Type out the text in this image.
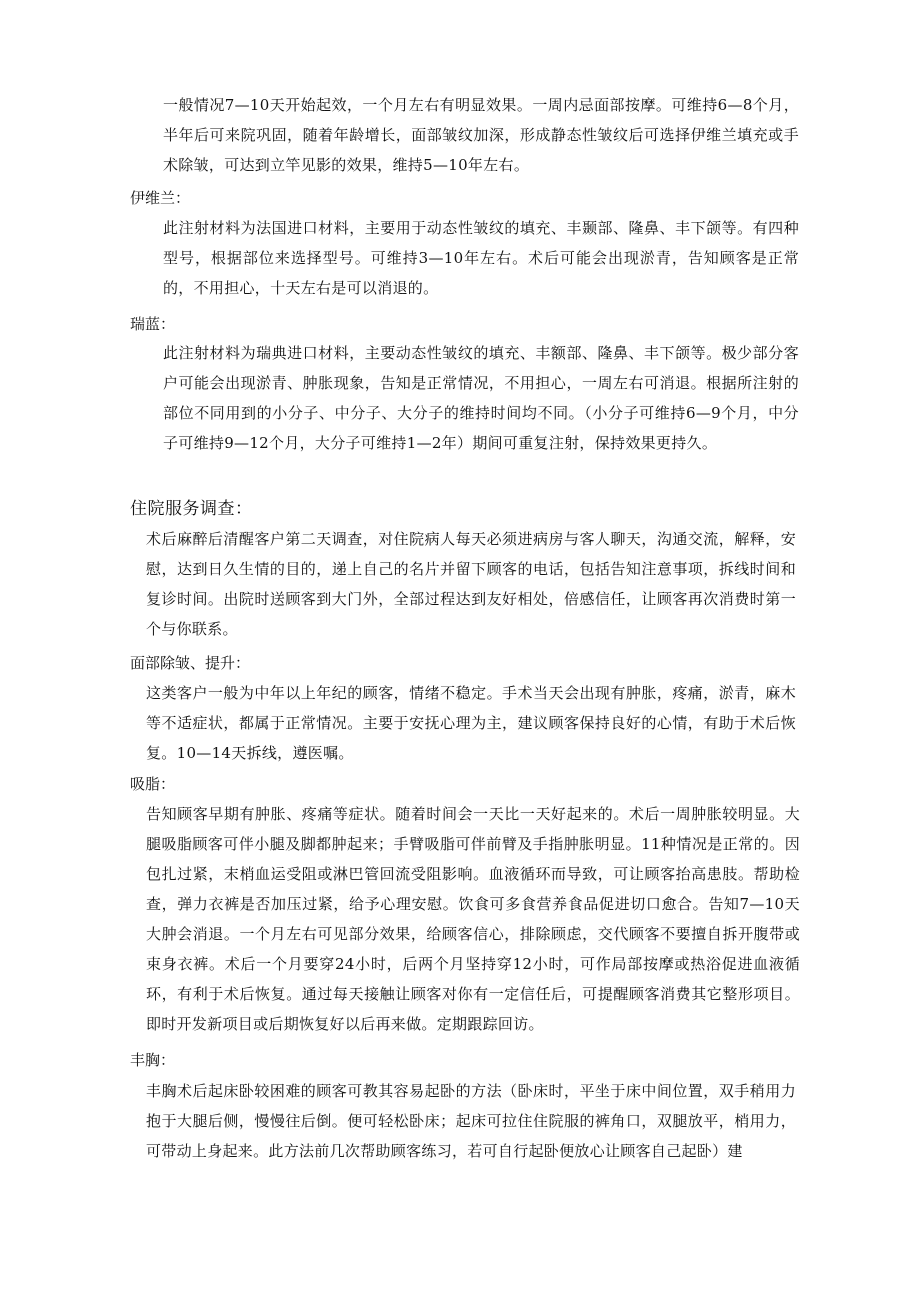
一般情况7—10天开始起效，一个月左右有明显效果。一周内忌面部按摩。可维持6—8个月，半年后可来院巩固，随着年龄增长，面部皱纹加深，形成静态性皱纹后可选择伊维兰填充或手术除皱，可达到立竿见影的效果，维持5—10年左右。

伊维兰：

此注射材料为法国进口材料，主要用于动态性皱纹的填充、丰颞部、隆鼻、丰下颌等。有四种型号，根据部位来选择型号。可维持3—10年左右。术后可能会出现淤青，告知顾客是正常的，不用担心，十天左右是可以消退的。

瑞蓝：

此注射材料为瑞典进口材料，主要动态性皱纹的填充、丰额部、隆鼻、丰下颌等。极少部分客户可能会出现淤青、肿胀现象，告知是正常情况，不用担心，一周左右可消退。根据所注射的部位不同用到的小分子、中分子、大分子的维持时间均不同。（小分子可维持6—9个月，中分子可维持9—12个月，大分子可维持1—2年）期间可重复注射，保持效果更持久。

住院服务调查：

术后麻醉后清醒客户第二天调查，对住院病人每天必须进病房与客人聊天，沟通交流，解释，安慰，达到日久生情的目的，递上自己的名片并留下顾客的电话，包括告知注意事项，拆线时间和复诊时间。出院时送顾客到大门外，全部过程达到友好相处，倍感信任，让顾客再次消费时第一个与你联系。

面部除皱、提升：

这类客户一般为中年以上年纪的顾客，情绪不稳定。手术当天会出现有肿胀，疼痛，淤青，麻木等不适症状，都属于正常情况。主要于安抚心理为主，建议顾客保持良好的心情，有助于术后恢复。10—14天拆线，遵医嘱。

吸脂：

告知顾客早期有肿胀、疼痛等症状。随着时间会一天比一天好起来的。术后一周肿胀较明显。大腿吸脂顾客可伴小腿及脚都肿起来；手臂吸脂可伴前臂及手指肿胀明显。11种情况是正常的。因包扎过紧，末梢血运受阻或淋巴管回流受阻影响。血液循环而导致，可让顾客抬高患肢。帮助检查，弹力衣裤是否加压过紧，给予心理安慰。饮食可多食营养食品促进切口愈合。告知7—10天大肿会消退。一个月左右可见部分效果，给顾客信心，排除顾虑，交代顾客不要擅自拆开腹带或束身衣裤。术后一个月要穿24小时，后两个月坚持穿12小时，可作局部按摩或热浴促进血液循环，有利于术后恢复。通过每天接触让顾客对你有一定信任后，可提醒顾客消费其它整形项目。即时开发新项目或后期恢复好以后再来做。定期跟踪回访。

丰胸：

丰胸术后起床卧较困难的顾客可教其容易起卧的方法（卧床时，平坐于床中间位置，双手稍用力抱于大腿后侧，慢慢往后倒。便可轻松卧床；起床可拉住住院服的裤角口，双腿放平，梢用力，可带动上身起来。此方法前几次帮助顾客练习，若可自行起卧便放心让顾客自己起卧）建
